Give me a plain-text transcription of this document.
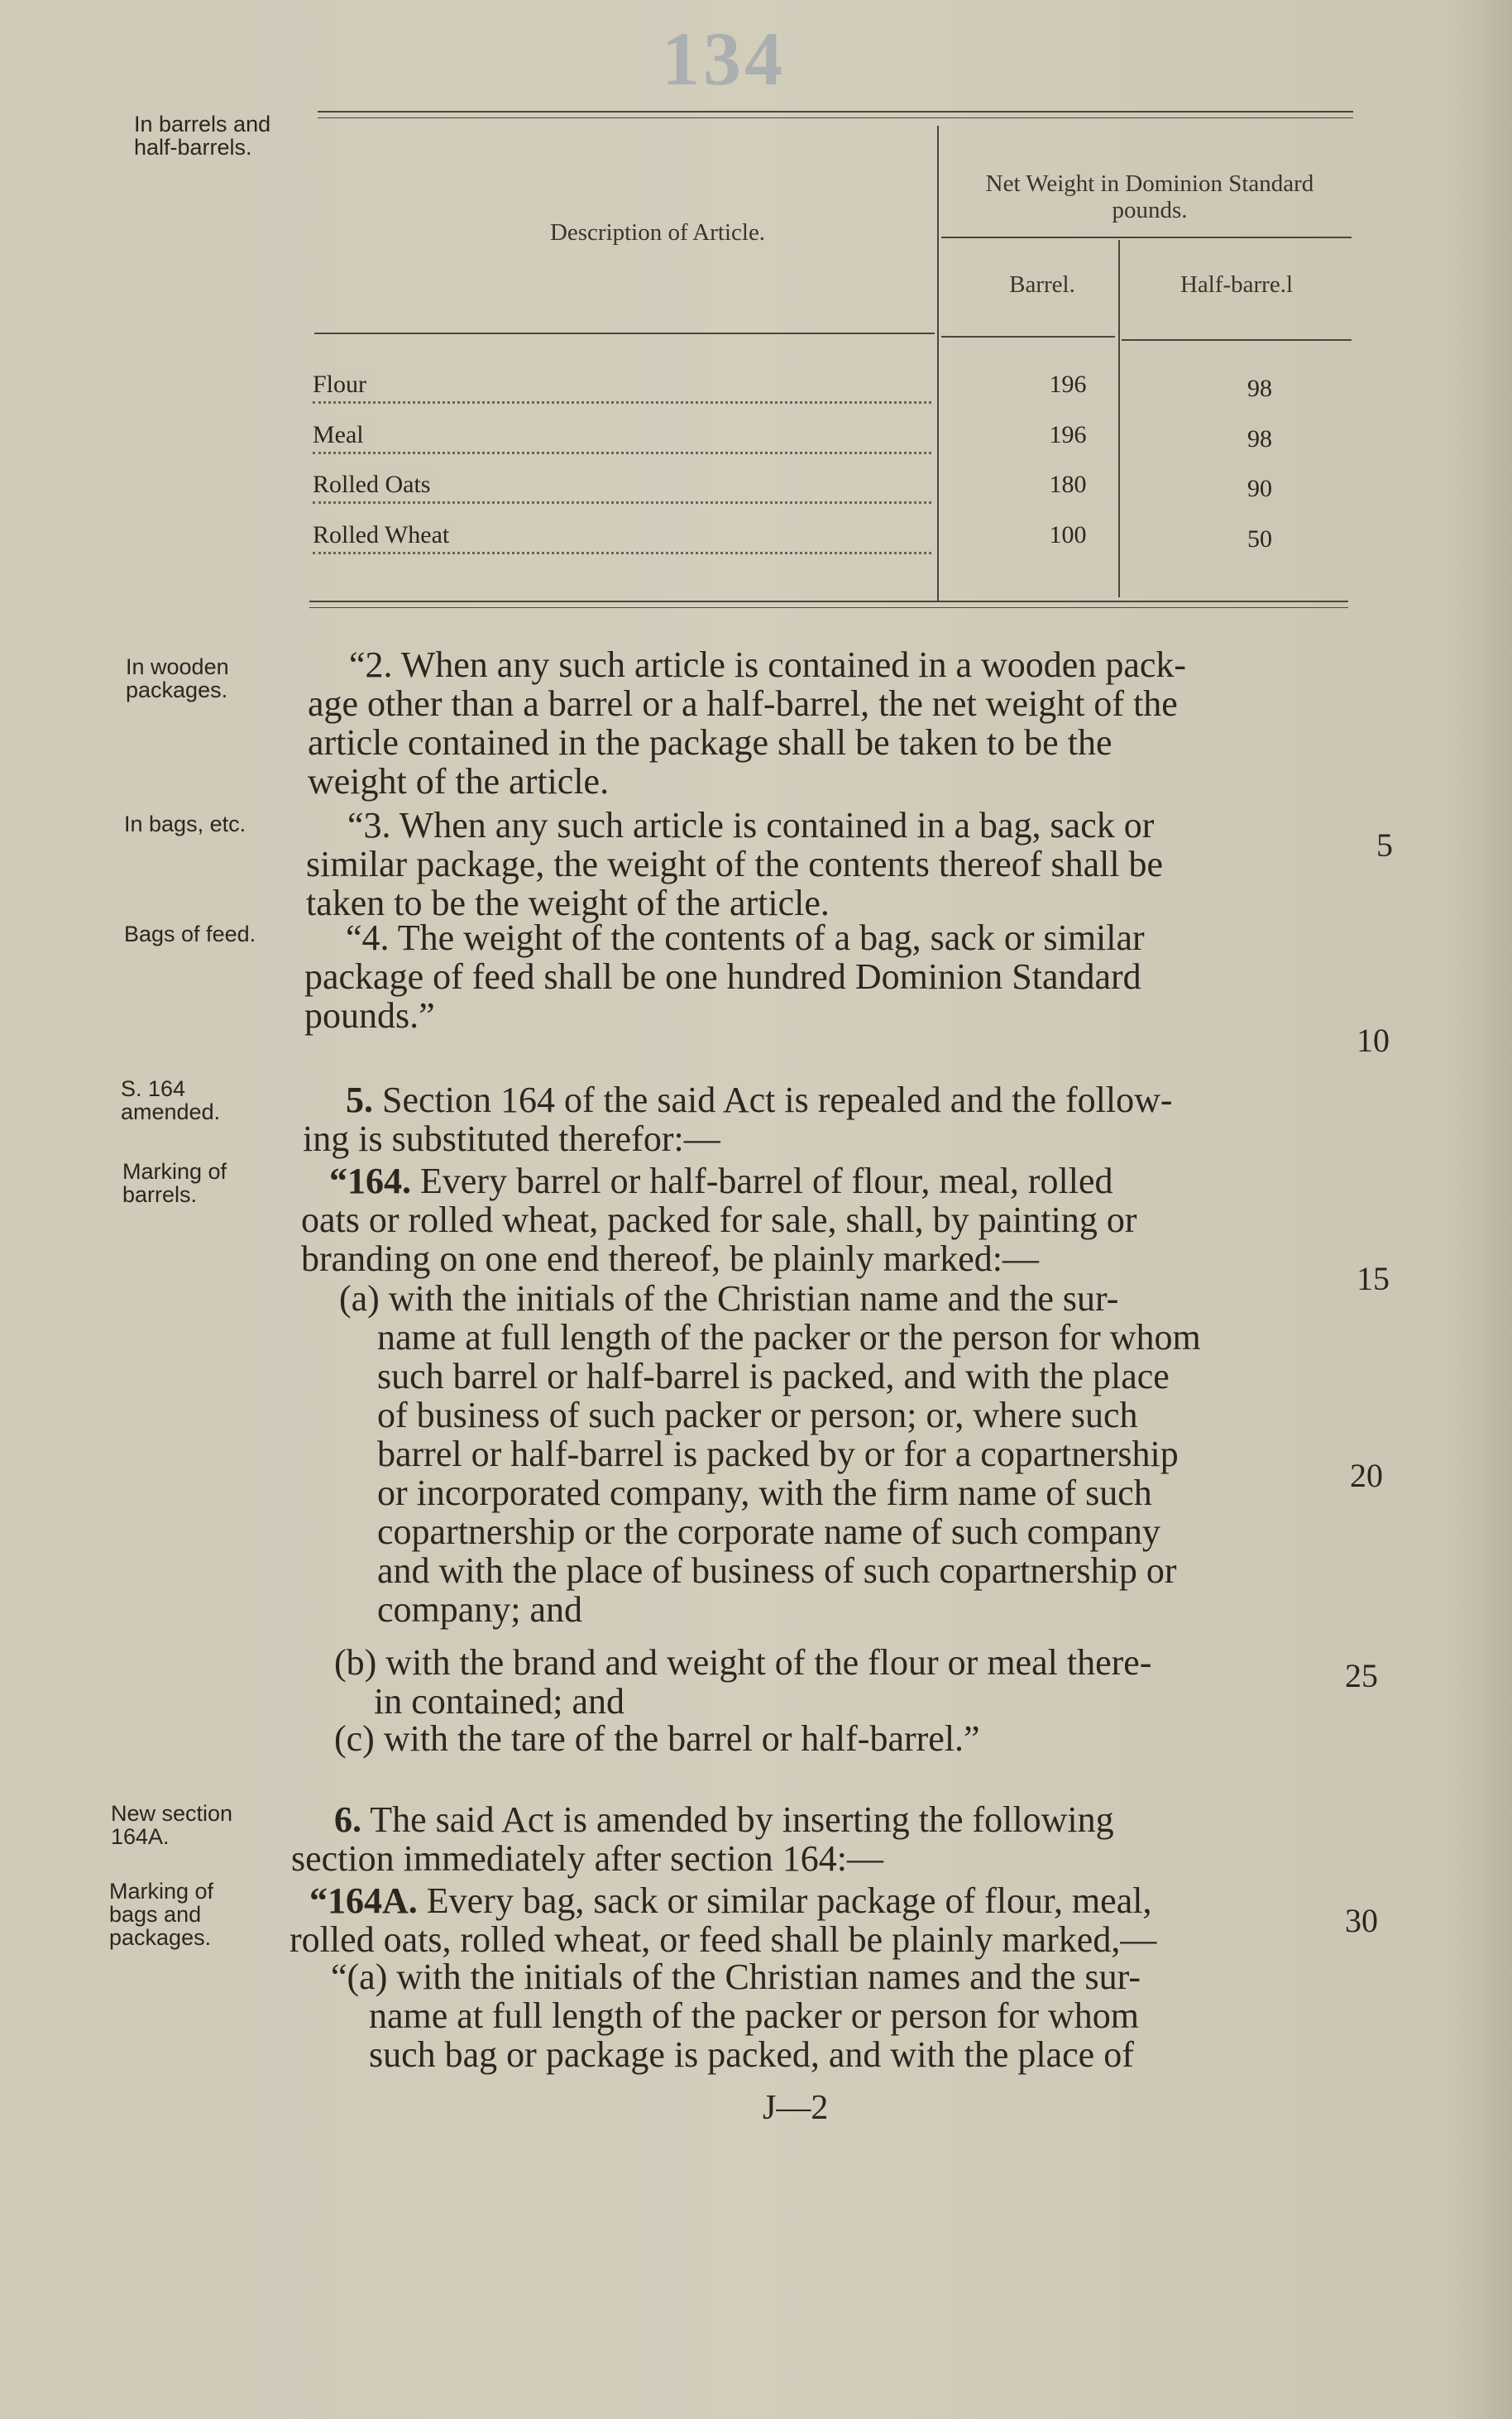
134
In barrels and half-barrels.
In wooden packages.
In bags, etc.
Bags of feed.
S. 164 amended.
Marking of barrels.
New section 164A.
Marking of bags and packages.
Description of Article.
Net Weight in Dominion Standard pounds.
Barrel.	Half-barre.l
Flour	196	98
Meal	196	98
Rolled Oats	180	90
Rolled Wheat	100	50
“2. When any such article is contained in a wooden pack-
age other than a barrel or a half-barrel, the net weight of the
article contained in the package shall be taken to be the
weight of the article.
“3. When any such article is contained in a bag, sack or
similar package, the weight of the contents thereof shall be
taken to be the weight of the article.
“4. The weight of the contents of a bag, sack or similar
package of feed shall be one hundred Dominion Standard
pounds.”
5. Section 164 of the said Act is repealed and the follow-
ing is substituted therefor:—
“164. Every barrel or half-barrel of flour, meal, rolled
oats or rolled wheat, packed for sale, shall, by painting or
branding on one end thereof, be plainly marked:—
(a) with the initials of the Christian name and the sur-
name at full length of the packer or the person for whom
such barrel or half-barrel is packed, and with the place
of business of such packer or person; or, where such
barrel or half-barrel is packed by or for a copartnership
or incorporated company, with the firm name of such
copartnership or the corporate name of such company
and with the place of business of such copartnership or
company; and
(b) with the brand and weight of the flour or meal there-
in contained; and
(c) with the tare of the barrel or half-barrel.”
6. The said Act is amended by inserting the following
section immediately after section 164:—
“164A. Every bag, sack or similar package of flour, meal,
rolled oats, rolled wheat, or feed shall be plainly marked,—
“(a) with the initials of the Christian names and the sur-
name at full length of the packer or person for whom
such bag or package is packed, and with the place of
5
10
15
20
25
30
J—2
